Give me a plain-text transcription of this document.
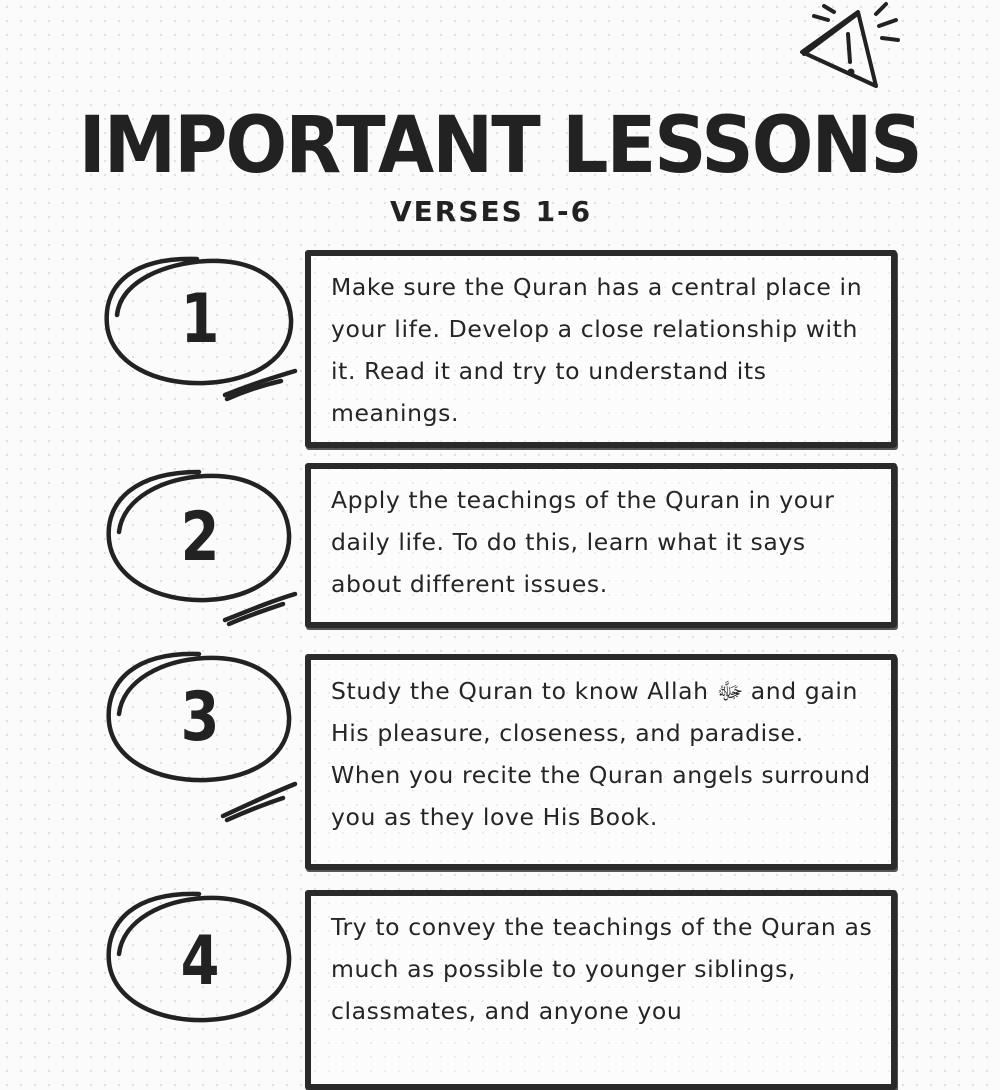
IMPORTANT LESSONS
VERSES 1-6
1	Make sure the Quran has a central place in your life. Develop a close relationship with it. Read it and try to understand its meanings.

2	Apply the teachings of the Quran in your daily life. To do this, learn what it says about different issues.

3	Study the Quran to know Allah ﷻ and gain His pleasure, closeness, and paradise. When you recite the Quran angels surround you as they love His Book.

4	Try to convey the teachings of the Quran as much as possible to younger siblings, classmates, and anyone you
